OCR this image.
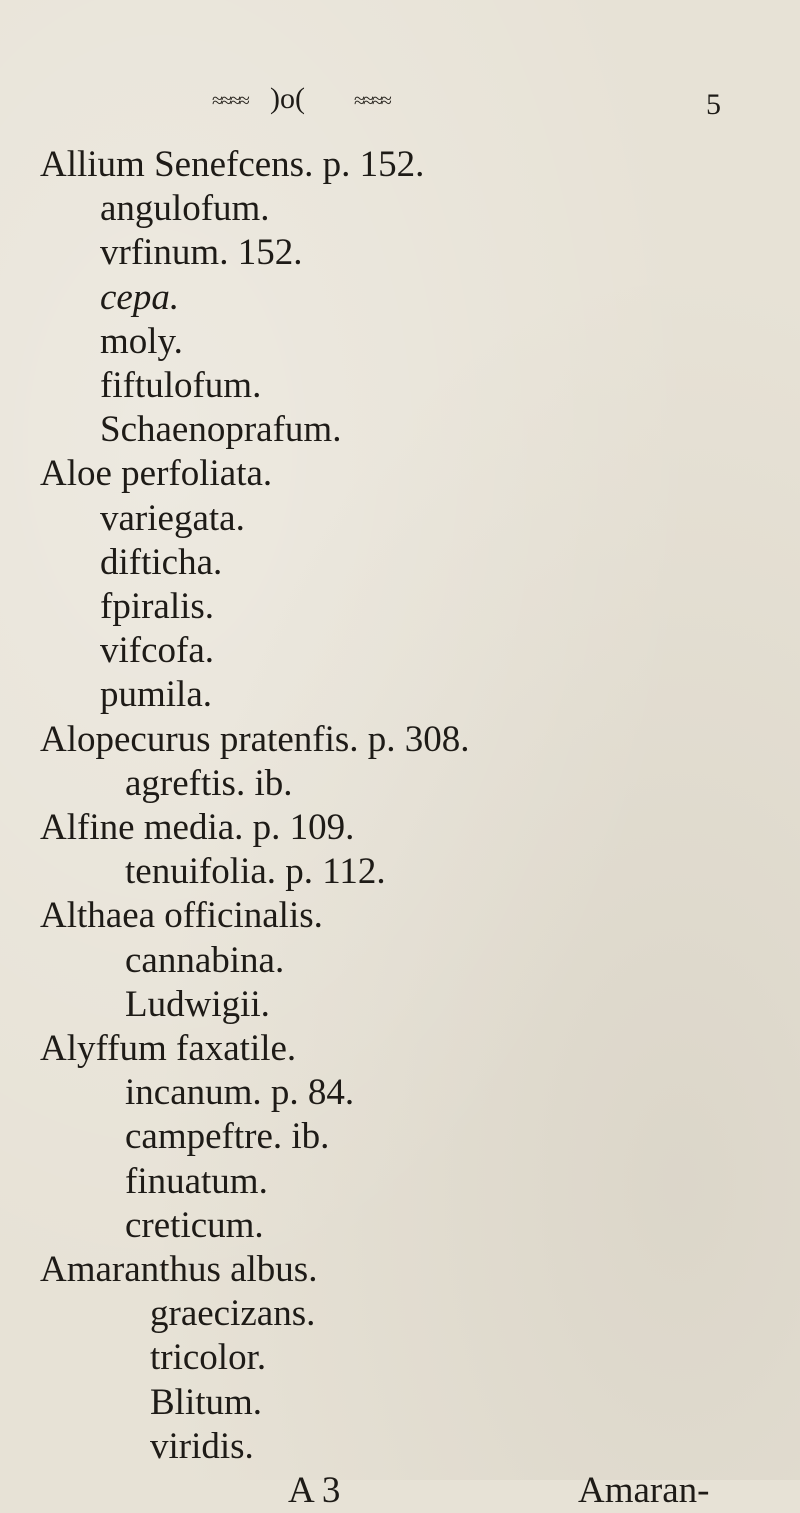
≈≈≈≈ )o( ≈≈≈≈	5
Allium Senefcens. p. 152.
angulofum.
vrfinum. 152.
cepa.
moly.
fiftulofum.
Schaenoprafum.
Aloe perfoliata.
variegata.
difticha.
fpiralis.
vifcofa.
pumila.
Alopecurus pratenfis. p. 308.
agreftis. ib.
Alfine media. p. 109.
tenuifolia. p. 112.
Althaea officinalis.
cannabina.
Ludwigii.
Alyffum faxatile.
incanum. p. 84.
campeftre. ib.
finuatum.
creticum.
Amaranthus albus.
graecizans.
tricolor.
Blitum.
viridis.
A 3	Amaran-
